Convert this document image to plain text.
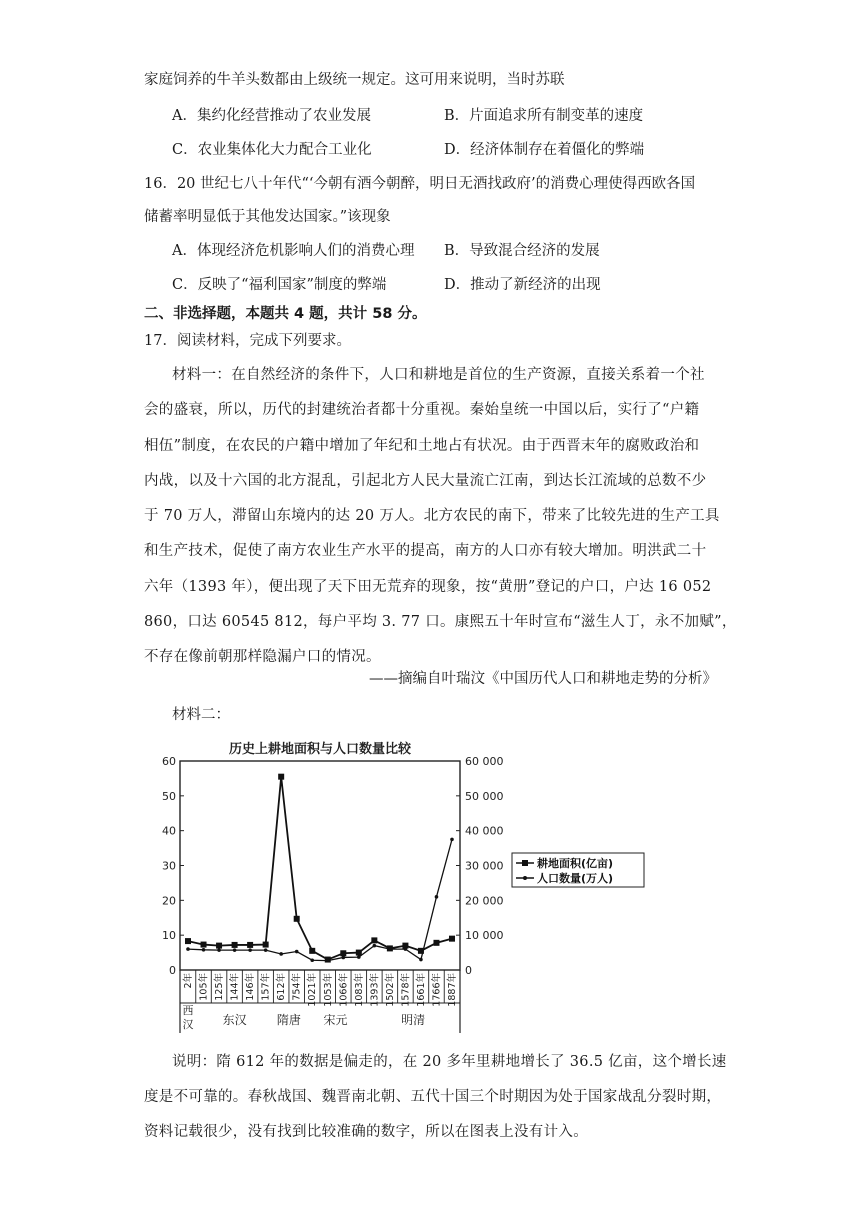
家庭饲养的牛羊头数都由上级统一规定。这可用来说明，当时苏联
A．集约化经营推动了农业发展	B．片面追求所有制变革的速度
C．农业集体化大力配合工业化	D．经济体制存在着僵化的弊端
16．20 世纪七八十年代“‘今朝有酒今朝醉，明日无酒找政府’的消费心理使得西欧各国
储蓄率明显低于其他发达国家。”该现象
A．体现经济危机影响人们的消费心理 B．导致混合经济的发展
C．反映了“福利国家”制度的弊端	D．推动了新经济的出现
二、非选择题，本题共 4 题，共计 58 分。
17．阅读材料，完成下列要求。
材料一：在自然经济的条件下，人口和耕地是首位的生产资源，直接关系着一个社
会的盛衰，所以，历代的封建统治者都十分重视。秦始皇统一中国以后，实行了“户籍
相伍”制度，在农民的户籍中增加了年纪和土地占有状况。由于西晋末年的腐败政治和
内战，以及十六国的北方混乱，引起北方人民大量流亡江南，到达长江流域的总数不少
于 70 万人，滞留山东境内的达 20 万人。北方农民的南下，带来了比较先进的生产工具
和生产技术，促使了南方农业生产水平的提高，南方的人口亦有较大增加。明洪武二十
六年（1393 年），便出现了天下田无荒弃的现象，按“黄册”登记的户口，户达 16 052
860，口达 60545 812，每户平均 3. 77 口。康熙五十年时宣布“滋生人丁，永不加赋”，
不存在像前朝那样隐漏户口的情况。
——摘编自叶瑞汶《中国历代人口和耕地走势的分析》
材料二：
历史上耕地面积与人口数量比较
60
50
40
30
20
10
0
60 000
50 000
40 000
30 000
20 000
10 000
0
2年 105年 125年 144年 146年 157年 612年 754年 1021年 1053年 1066年 1083年 1393年 1502年 1578年 1661年 1766年 1887年
西
汉 东汉	隋唐 宋元	明清
耕地面积(亿亩)
人口数量(万人)
说明：隋 612 年的数据是偏走的，在 20 多年里耕地增长了 36.5 亿亩，这个增长速
度是不可靠的。春秋战国、魏晋南北朝、五代十国三个时期因为处于国家战乱分裂时期，
资料记载很少，没有找到比较准确的数字，所以在图表上没有计入。
